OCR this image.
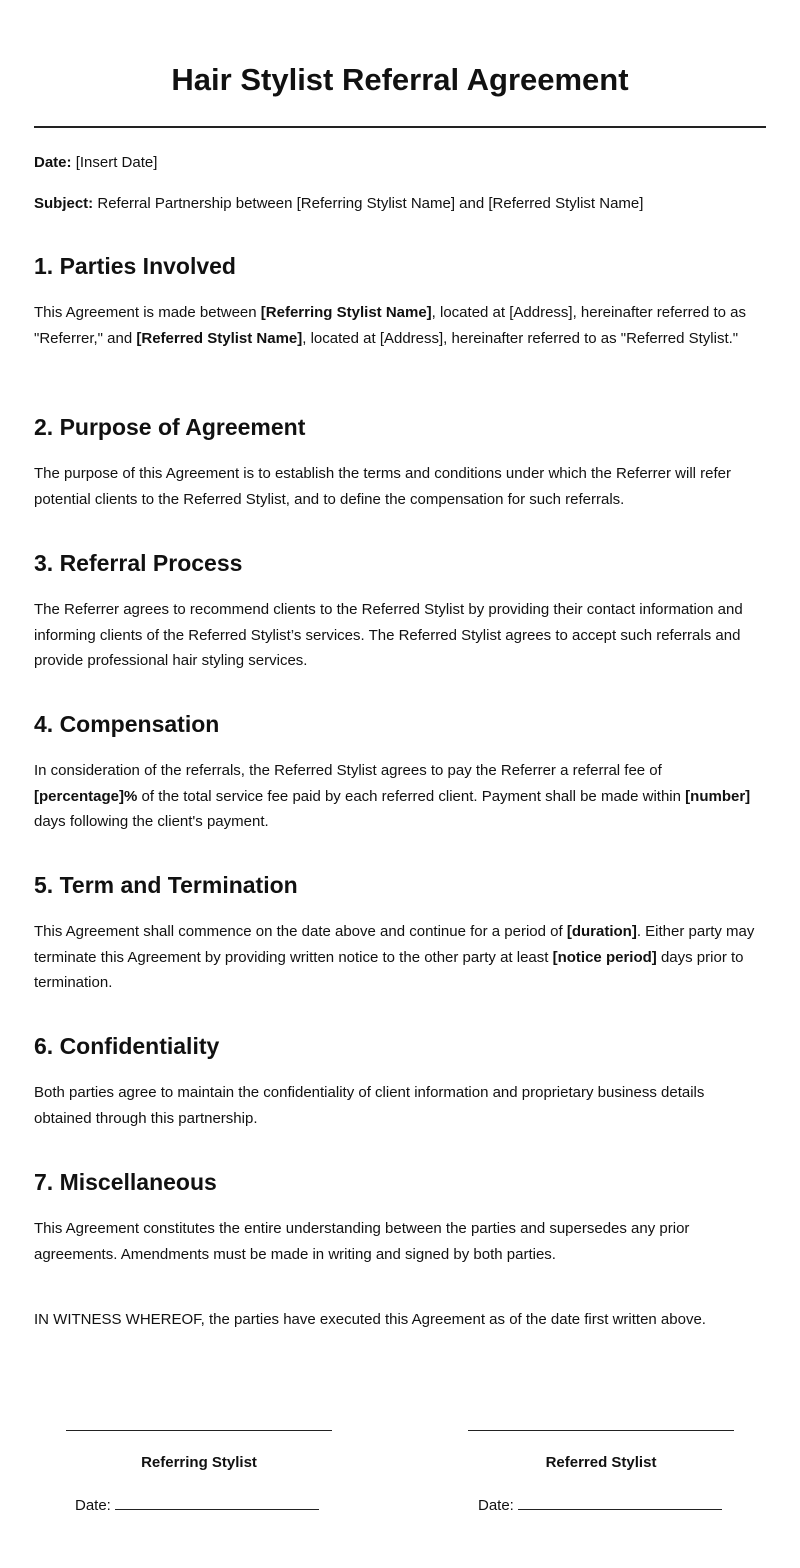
Hair Stylist Referral Agreement

Date: [Insert Date]

Subject: Referral Partnership between [Referring Stylist Name] and [Referred Stylist Name]

1. Parties Involved

This Agreement is made between [Referring Stylist Name], located at [Address], hereinafter referred to as "Referrer," and [Referred Stylist Name], located at [Address], hereinafter referred to as "Referred Stylist."

2. Purpose of Agreement

The purpose of this Agreement is to establish the terms and conditions under which the Referrer will refer potential clients to the Referred Stylist, and to define the compensation for such referrals.

3. Referral Process

The Referrer agrees to recommend clients to the Referred Stylist by providing their contact information and informing clients of the Referred Stylist’s services. The Referred Stylist agrees to accept such referrals and provide professional hair styling services.

4. Compensation

In consideration of the referrals, the Referred Stylist agrees to pay the Referrer a referral fee of [percentage]% of the total service fee paid by each referred client. Payment shall be made within [number] days following the client's payment.

5. Term and Termination

This Agreement shall commence on the date above and continue for a period of [duration]. Either party may terminate this Agreement by providing written notice to the other party at least [notice period] days prior to termination.

6. Confidentiality

Both parties agree to maintain the confidentiality of client information and proprietary business details obtained through this partnership.

7. Miscellaneous

This Agreement constitutes the entire understanding between the parties and supersedes any prior agreements. Amendments must be made in writing and signed by both parties.

IN WITNESS WHEREOF, the parties have executed this Agreement as of the date first written above.

Referring Stylist
Date:
Referred Stylist
Date:
